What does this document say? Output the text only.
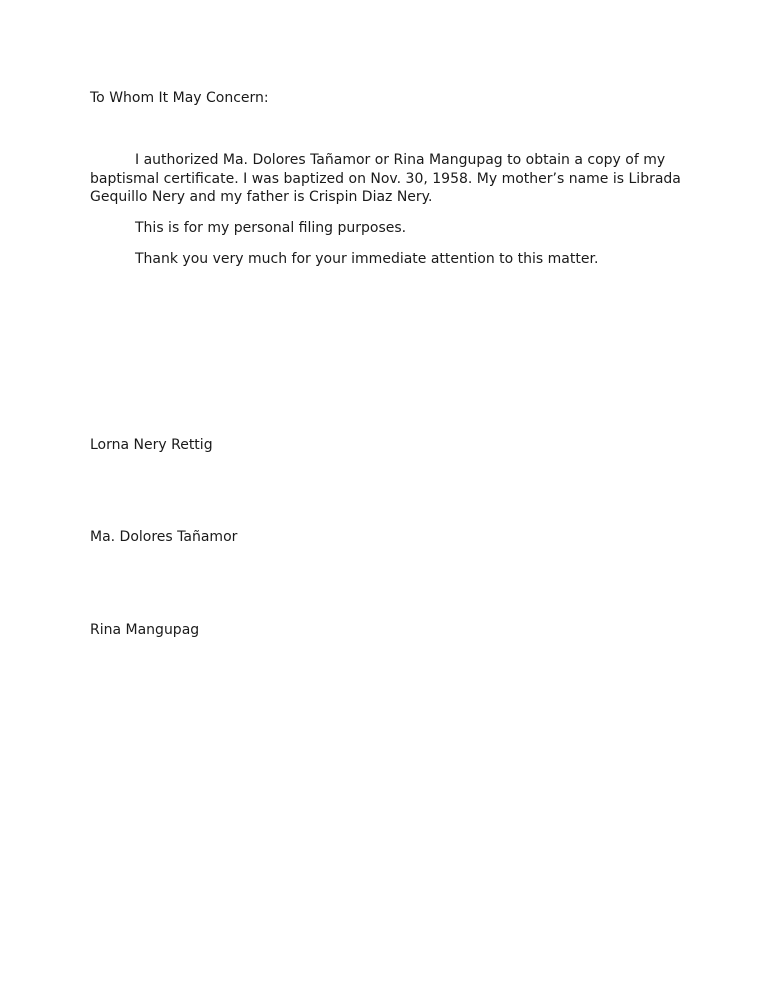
To Whom It May Concern:

I authorized Ma. Dolores Tañamor or Rina Mangupag to obtain a copy of my baptismal certificate. I was baptized on Nov. 30, 1958. My mother’s name is Librada Gequillo Nery and my father is Crispin Diaz Nery.

This is for my personal filing purposes.

Thank you very much for your immediate attention to this matter.

Lorna Nery Rettig
Ma. Dolores Tañamor
Rina Mangupag
